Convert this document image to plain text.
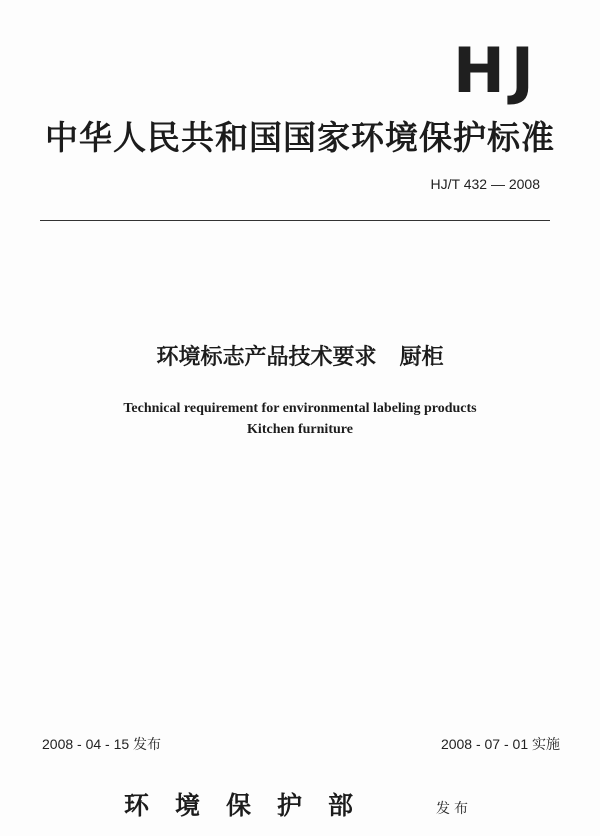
HJ
中华人民共和国国家环境保护标准
HJ/T 432 — 2008
环境标志产品技术要求   厨柜
Technical requirement for environmental labeling products
Kitchen furniture
2008 - 04 - 15 发布	2008 - 07 - 01 实施
环境保护部	发布
